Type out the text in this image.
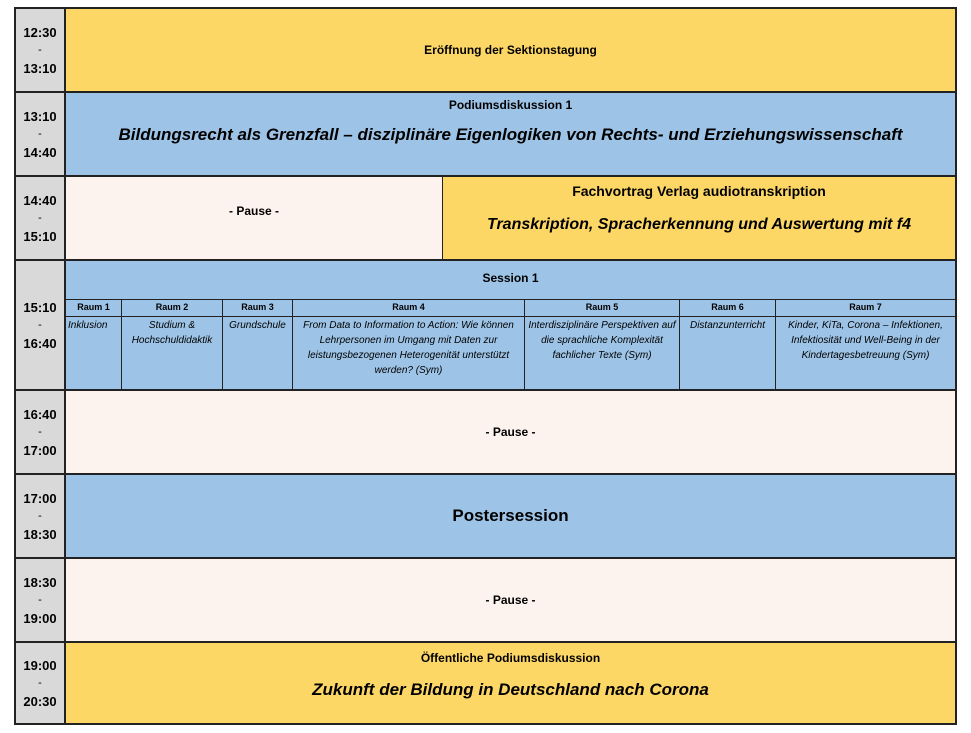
12:30
-
13:10
Eröffnung der Sektionstagung
13:10
-
14:40
Podiumsdiskussion 1
Bildungsrecht als Grenzfall – disziplinäre Eigenlogiken von Rechts- und Erziehungswissenschaft
14:40
-
15:10
- Pause -
Fachvortrag Verlag audiotranskription
Transkription, Spracherkennung und Auswertung mit f4
15:10
-
16:40
Session 1
Raum 1
Inklusion
Raum 2
Studium & Hochschuldidaktik
Raum 3
Grundschule
Raum 4
From Data to Information to Action: Wie können Lehrpersonen im Umgang mit Daten zur leistungsbezogenen Heterogenität unterstützt werden? (Sym)
Raum 5
Interdisziplinäre Perspektiven auf die sprachliche Komplexität fachlicher Texte (Sym)
Raum 6
Distanzunterricht
Raum 7
Kinder, KiTa, Corona – Infektionen, Infektiosität und Well-Being in der Kindertagesbetreuung (Sym)
16:40
-
17:00
- Pause -
17:00
-
18:30
Postersession
18:30
-
19:00
- Pause -
19:00
-
20:30
Öffentliche Podiumsdiskussion
Zukunft der Bildung in Deutschland nach Corona
